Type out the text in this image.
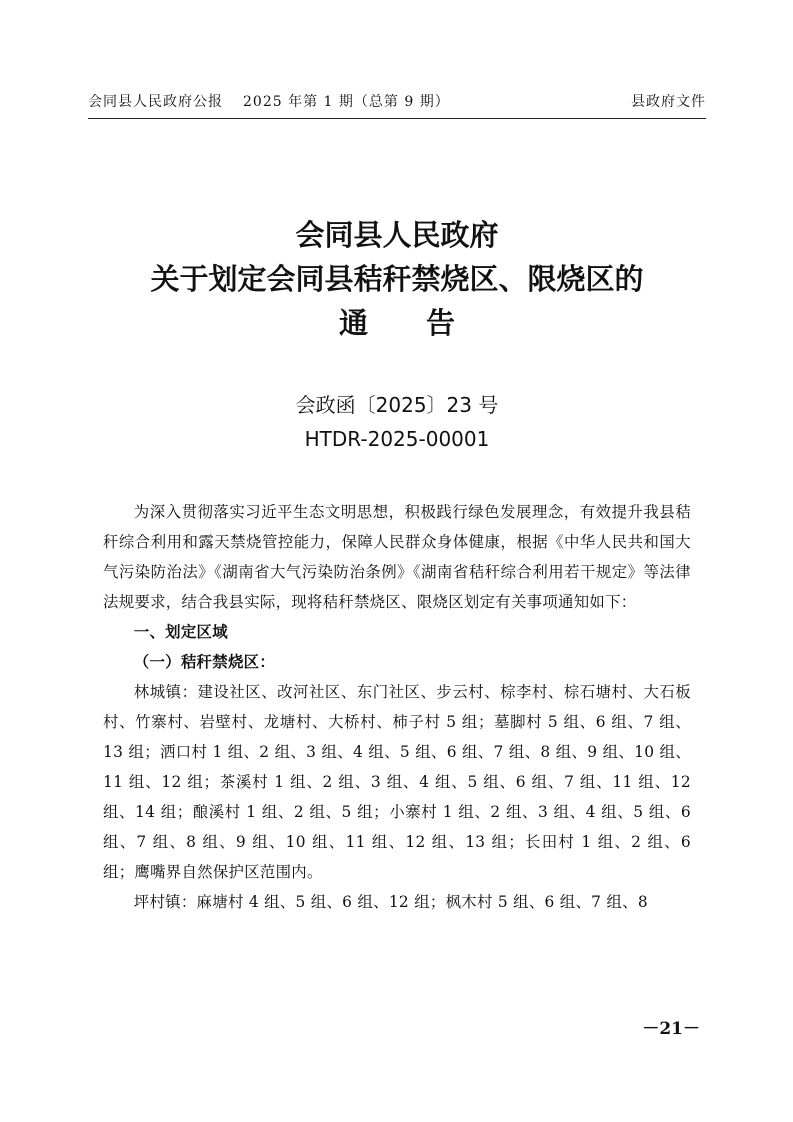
会同县人民政府公报 2025 年第 1 期（总第 9 期）	县政府文件
会同县人民政府
关于划定会同县秸秆禁烧区、限烧区的
通告
会政函〔2025〕23 号
HTDR-2025-00001

为深入贯彻落实习近平生态文明思想，积极践行绿色发展理念，有效提升我县秸秆综合利用和露天禁烧管控能力，保障人民群众身体健康，根据《中华人民共和国大气污染防治法》《湖南省大气污染防治条例》《湖南省秸秆综合利用若干规定》等法律法规要求，结合我县实际，现将秸秆禁烧区、限烧区划定有关事项通知如下：

一、划定区域

（一）秸秆禁烧区：

林城镇：建设社区、改河社区、东门社区、步云村、棕李村、棕石塘村、大石板村、竹寨村、岩壁村、龙塘村、大桥村、柿子村 5 组；墓脚村 5 组、6 组、7 组、13 组；洒口村 1 组、2 组、3 组、4 组、5 组、6 组、7 组、8 组、9 组、10 组、11 组、12 组；茶溪村 1 组、2 组、3 组、4 组、5 组、6 组、7 组、11 组、12 组、14 组；酿溪村 1 组、2 组、5 组；小寨村 1 组、2 组、3 组、4 组、5 组、6 组、7 组、8 组、9 组、10 组、11 组、12 组、13 组；长田村 1 组、2 组、6 组；鹰嘴界自然保护区范围内。

坪村镇：麻塘村 4 组、5 组、6 组、12 组；枫木村 5 组、6 组、7 组、8

－21－
